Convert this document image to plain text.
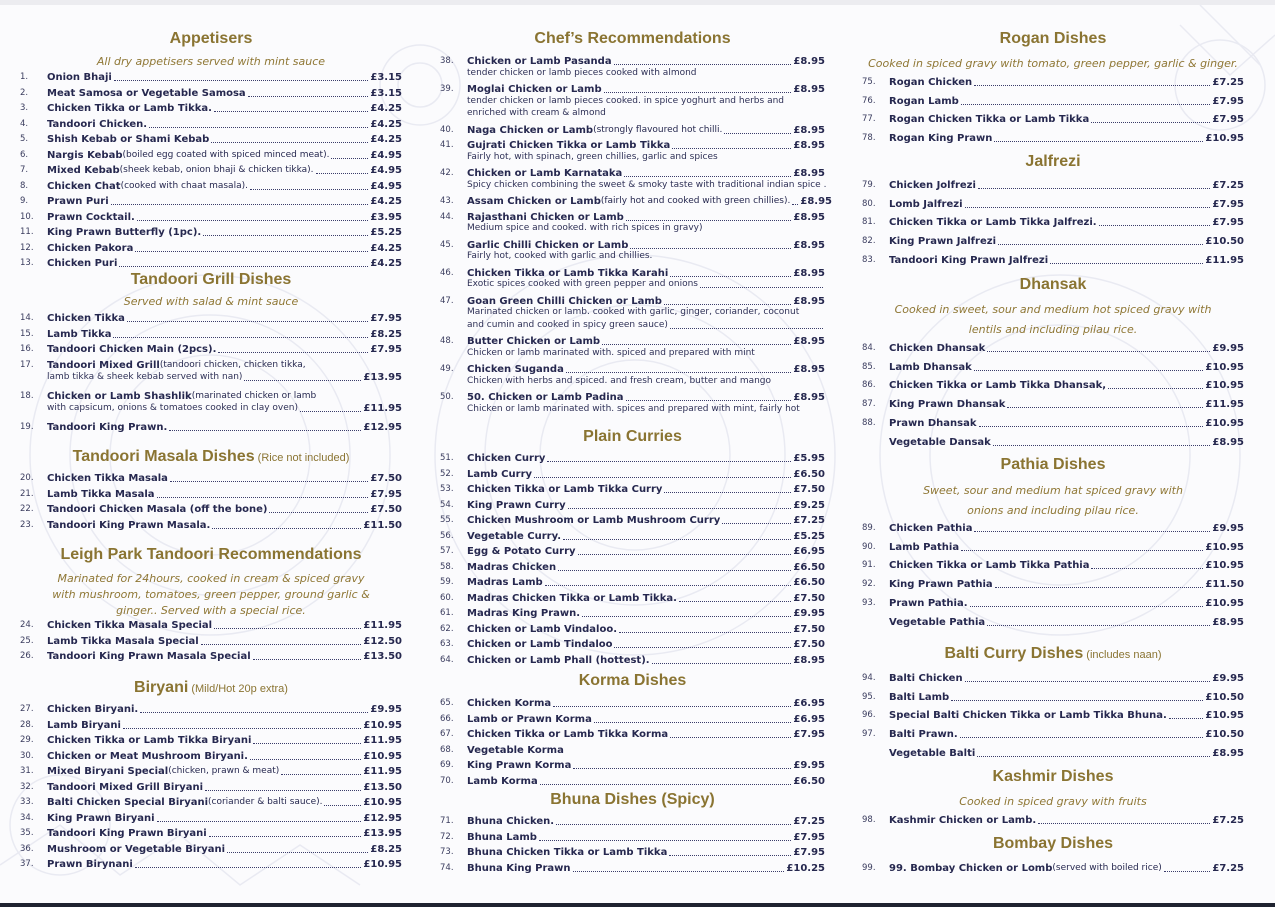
Appetisers
All dry appetisers served with mint sauce
1.	Onion Bhaji	£3.15
2.	Meat Samosa or Vegetable Samosa	£3.15
3.	Chicken Tikka or Lamb Tikka.	£4.25
4.	Tandoori Chicken.	£4.25
5.	Shish Kebab or Shami Kebab	£4.25
6.	Nargis Kebab (boiled egg coated with spiced minced meat).	£4.95
7.	Mixed Kebab (sheek kebab, onion bhaji & chicken tikka).	£4.95
8.	Chicken Chat (cooked with chaat masala).	£4.95
9.	Prawn Puri	£4.25
10.	Prawn Cocktail.	£3.95
11.	King Prawn Butterfly (1pc).	£5.25
12.	Chicken Pakora	£4.25
13.	Chicken Puri	£4.25
Tandoori Grill Dishes
Served with salad & mint sauce
14.	Chicken Tikka	£7.95
15.	Lamb Tikka	£8.25
16.	Tandoori Chicken Main (2pcs).	£7.95
17.	Tandoori Mixed Grill (tandoori chicken, chicken tikka,
lamb tikka & sheek kebab served with nan)	£13.95
18.	Chicken or Lamb Shashlik (marinated chicken or lamb
with capsicum, onions & tomatoes cooked in clay oven)	£11.95
19.	Tandoori King Prawn.	£12.95
Tandoori Masala Dishes (Rice not included)
20.	Chicken Tikka Masala	£7.50
21.	Lamb Tikka Masala	£7.95
22.	Tandoori Chicken Masala (off the bone)	£7.50
23.	Tandoori King Prawn Masala.	£11.50
Leigh Park Tandoori Recommendations
Marinated for 24hours, cooked in cream & spiced gravy
with mushroom, tomatoes, green pepper, ground garlic &
ginger.. Served with a special rice.
24.	Chicken Tikka Masala Special	£11.95
25.	Lamb Tikka Masala Special	£12.50
26.	Tandoori King Prawn Masala Special	£13.50
Biryani (Mild/Hot 20p extra)
27.	Chicken Biryani.	£9.95
28.	Lamb Biryani	£10.95
29.	Chicken Tikka or Lamb Tikka Biryani	£11.95
30.	Chicken or Meat Mushroom Biryani.	£10.95
31.	Mixed Biryani Special (chicken, prawn & meat)	£11.95
32.	Tandoori Mixed Grill Biryani	£13.50
33.	Balti Chicken Special Biryani (coriander & balti sauce).	£10.95
34.	King Prawn Biryani	£12.95
35.	Tandoori King Prawn Biryani	£13.95
36.	Mushroom or Vegetable Biryani	£8.25
37.	Prawn Birynani	£10.95
Chef’s Recommendations
38.	Chicken or Lamb Pasanda	£8.95
tender chicken or lamb pieces cooked with almond
39.	Moglai Chicken or Lamb	£8.95
tender chicken or lamb pieces cooked. in spice yoghurt and herbs and
enriched with cream & almond
40.	Naga Chicken or Lamb (strongly flavoured hot chilli.	£8.95
41.	Gujrati Chicken Tikka or Lamb Tikka	£8.95
Fairly hot, with spinach, green chillies, garlic and spices
42.	Chicken or Lamb Karnataka	£8.95
Spicy chicken combining the sweet & smoky taste with traditional indian spice .
43.	Assam Chicken or Lamb (fairly hot and cooked with green chillies). £8.95
44.	Rajasthani Chicken or Lamb	£8.95
Medium spice and cooked. with rich spices in gravy)
45.	Garlic Chilli Chicken or Lamb	£8.95
Fairly hot, cooked with garlic and chillies.
46.	Chicken Tikka or Lamb Tikka Karahi	£8.95
Exotic spices cooked with green pepper and onions
47.	Goan Green Chilli Chicken or Lamb	£8.95
Marinated chicken or lamb. cooked with garlic, ginger, coriander, coconut
and cumin and cooked in spicy green sauce)
48.	Butter Chicken or Lamb	£8.95
Chicken or lamb marinated with. spiced and prepared with mint
49.	Chicken Suganda	£8.95
Chicken with herbs and spiced. and fresh cream, butter and mango
50.	50. Chicken or Lamb Padina	£8.95
Chicken or lamb marinated with. spices and prepared with mint, fairly hot
Plain Curries
51.	Chicken Curry	£5.95
52.	Lamb Curry	£6.50
53.	Chicken Tikka or Lamb Tikka Curry	£7.50
54.	King Prawn Curry	£9.25
55.	Chicken Mushroom or Lamb Mushroom Curry	£7.25
56.	Vegetable Curry.	£5.25
57.	Egg & Potato Curry	£6.95
58.	Madras Chicken	£6.50
59.	Madras Lamb	£6.50
60.	Madras Chicken Tikka or Lamb Tikka.	£7.50
61.	Madras King Prawn.	£9.95
62.	Chicken or Lamb Vindaloo.	£7.50
63.	Chicken or Lamb Tindaloo	£7.50
64.	Chicken or Lamb Phall (hottest).	£8.95
Korma Dishes
65.	Chicken Korma	£6.95
66.	Lamb or Prawn Korma	£6.95
67.	Chicken Tikka or Lamb Tikka Korma	£7.95
68.	Vegetable Korma
69.	King Prawn Korma	£9.95
70.	Lamb Korma	£6.50
Bhuna Dishes (Spicy)
71.	Bhuna Chicken.	£7.25
72.	Bhuna Lamb	£7.95
73.	Bhuna Chicken Tikka or Lamb Tikka	£7.95
74.	Bhuna King Prawn	£10.25
Rogan Dishes
Cooked in spiced gravy with tomato, green pepper, garlic & ginger.
75.	Rogan Chicken	£7.25
76.	Rogan Lamb	£7.95
77.	Rogan Chicken Tikka or Lamb Tikka	£7.95
78.	Rogan King Prawn	£10.95
Jalfrezi
79.	Chicken Jolfrezi	£7.25
80.	Lomb Jalfrezi	£7.95
81.	Chicken Tikka or Lamb Tikka Jalfrezi.	£7.95
82.	King Prawn Jalfrezi	£10.50
83.	Tandoori King Prawn Jalfrezi	£11.95
Dhansak
Cooked in sweet, sour and medium hot spiced gravy with
lentils and including pilau rice.
84.	Chicken Dhansak	£9.95
85.	Lamb Dhansak	£10.95
86.	Chicken Tikka or Lamb Tikka Dhansak,	£10.95
87.	King Prawn Dhansak	£11.95
88.	Prawn Dhansak	£10.95
Vegetable Dansak	£8.95
Pathia Dishes
Sweet, sour and medium hat spiced gravy with
onions and including pilau rice.
89.	Chicken Pathia	£9.95
90.	Lamb Pathia	£10.95
91.	Chicken Tikka or Lamb Tikka Pathia	£10.95
92.	King Prawn Pathia	£11.50
93.	Prawn Pathia.	£10.95
Vegetable Pathia	£8.95
Balti Curry Dishes (includes naan)
94.	Balti Chicken	£9.95
95.	Balti Lamb	£10.50
96.	Special Balti Chicken Tikka or Lamb Tikka Bhuna.	£10.95
97.	Balti Prawn.	£10.50
Vegetable Balti	£8.95
Kashmir Dishes
Cooked in spiced gravy with fruits
98.	Kashmir Chicken or Lamb.	£7.25
Bombay Dishes
99.	99. Bombay Chicken or Lomb (served with boiled rice)	£7.25
